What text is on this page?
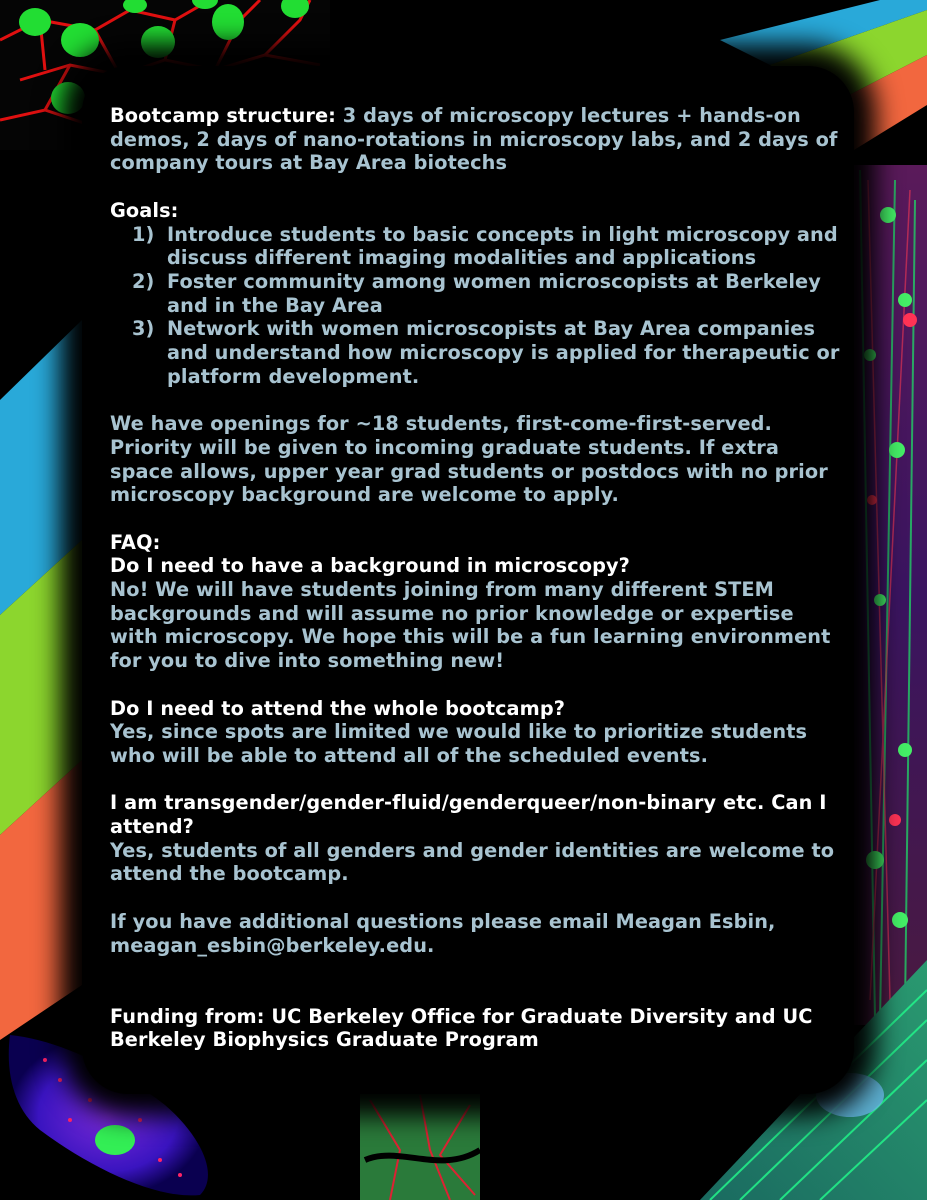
Bootcamp structure: 3 days of microscopy lectures + hands-on demos, 2 days of nano-rotations in microscopy labs, and 2 days of company tours at Bay Area biotechs

Goals:

1) Introduce students to basic concepts in light microscopy and discuss different imaging modalities and applications
2) Foster community among women microscopists at Berkeley and in the Bay Area
3) Network with women microscopists at Bay Area companies and understand how microscopy is applied for therapeutic or platform development.

We have openings for ~18 students, first-come-first-served. Priority will be given to incoming graduate students. If extra space allows, upper year grad students or postdocs with no prior microscopy background are welcome to apply.

FAQ:

Do I need to have a background in microscopy?

No! We will have students joining from many different STEM backgrounds and will assume no prior knowledge or expertise with microscopy. We hope this will be a fun learning environment for you to dive into something new!

Do I need to attend the whole bootcamp?

Yes, since spots are limited we would like to prioritize students who will be able to attend all of the scheduled events.

I am transgender/gender-fluid/genderqueer/non-binary etc. Can I attend?

Yes, students of all genders and gender identities are welcome to attend the bootcamp.

If you have additional questions please email Meagan Esbin, meagan_esbin@berkeley.edu.

Funding from: UC Berkeley Office for Graduate Diversity and UC Berkeley Biophysics Graduate Program
